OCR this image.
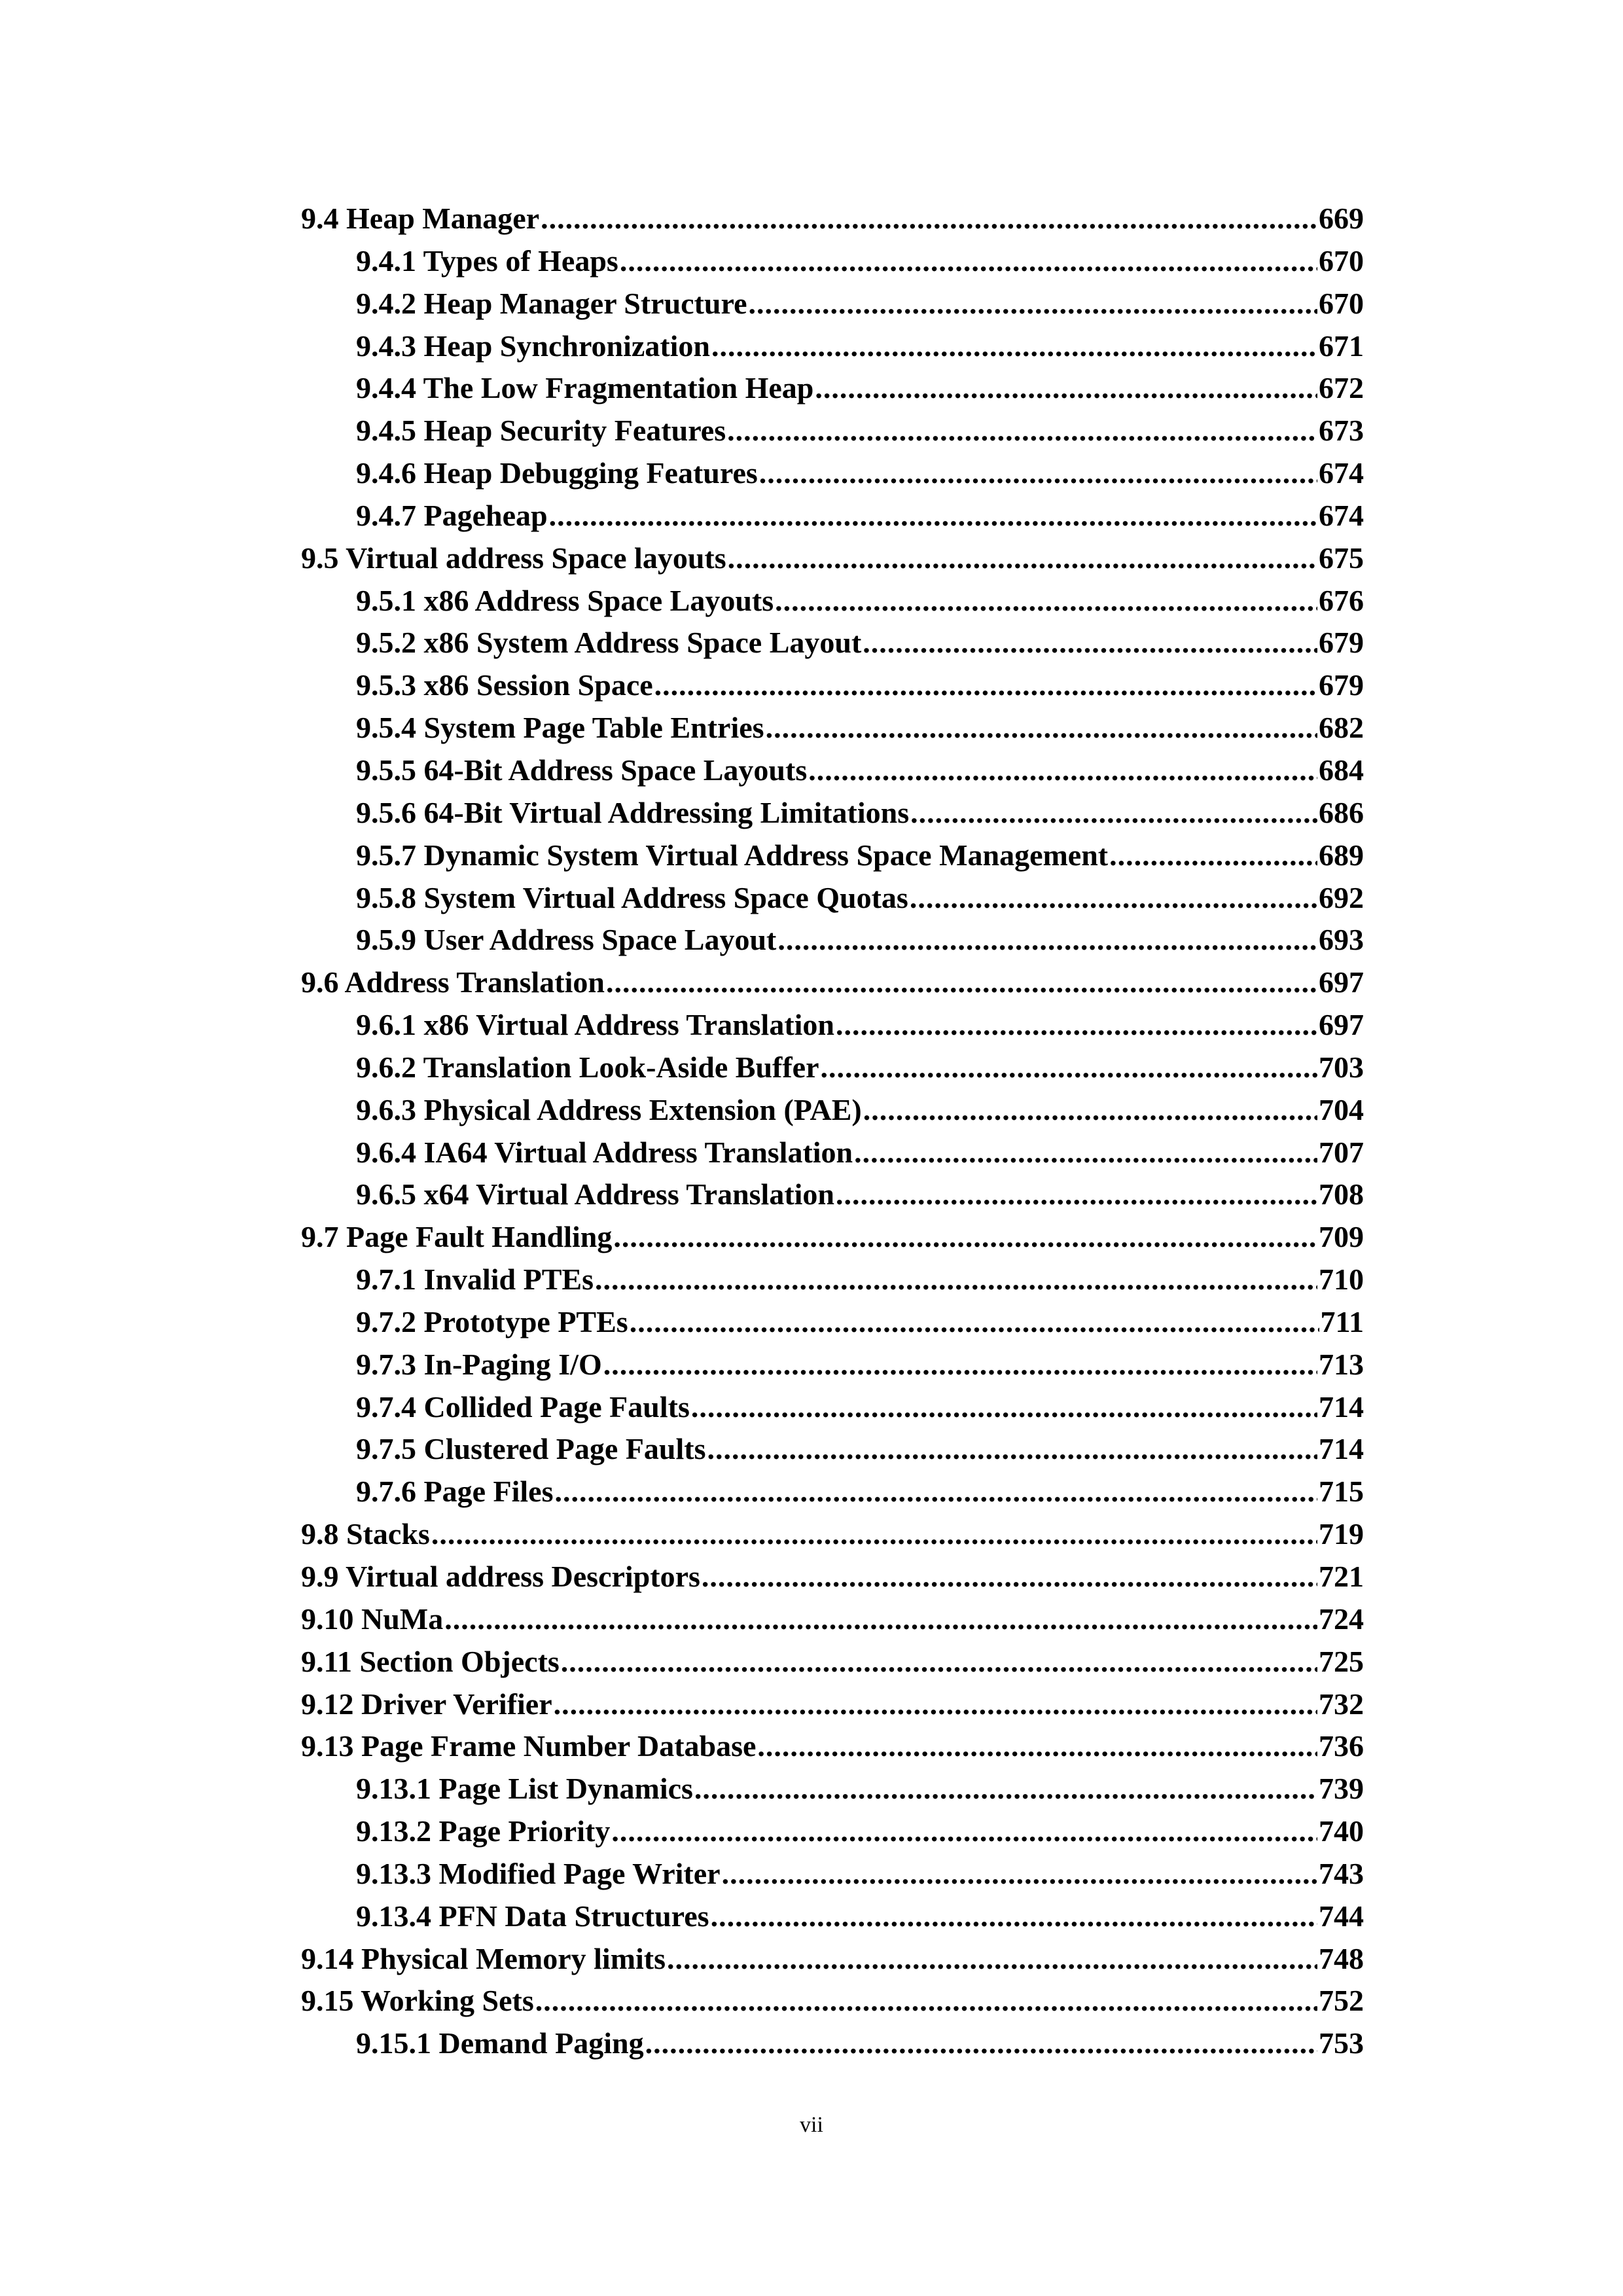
9.4 Heap Manager .....	669
9.4.1 Types of Heaps .....	670
9.4.2 Heap Manager Structure .....	670
9.4.3 Heap Synchronization .....	671
9.4.4 The Low Fragmentation Heap .....	672
9.4.5 Heap Security Features .....	673
9.4.6 Heap Debugging Features .....	674
9.4.7 Pageheap .....	674
9.5 Virtual address Space layouts .....	675
9.5.1 x86 Address Space Layouts .....	676
9.5.2 x86 System Address Space Layout .....	679
9.5.3 x86 Session Space .....	679
9.5.4 System Page Table Entries .....	682
9.5.5 64-Bit Address Space Layouts .....	684
9.5.6 64-Bit Virtual Addressing Limitations .....	686
9.5.7 Dynamic System Virtual Address Space Management .....	689
9.5.8 System Virtual Address Space Quotas .....	692
9.5.9 User Address Space Layout .....	693
9.6 Address Translation .....	697
9.6.1 x86 Virtual Address Translation .....	697
9.6.2 Translation Look-Aside Buffer .....	703
9.6.3 Physical Address Extension (PAE) .....	704
9.6.4 IA64 Virtual Address Translation .....	707
9.6.5 x64 Virtual Address Translation .....	708
9.7 Page Fault Handling .....	709
9.7.1 Invalid PTEs .....	710
9.7.2 Prototype PTEs .....	711
9.7.3 In-Paging I/O .....	713
9.7.4 Collided Page Faults .....	714
9.7.5 Clustered Page Faults .....	714
9.7.6 Page Files .....	715
9.8 Stacks .....	719
9.9 Virtual address Descriptors .....	721
9.10 NuMa .....	724
9.11 Section Objects .....	725
9.12 Driver Verifier .....	732
9.13 Page Frame Number Database .....	736
9.13.1 Page List Dynamics .....	739
9.13.2 Page Priority .....	740
9.13.3 Modified Page Writer .....	743
9.13.4 PFN Data Structures .....	744
9.14 Physical Memory limits .....	748
9.15 Working Sets .....	752
9.15.1 Demand Paging .....	753
vii
